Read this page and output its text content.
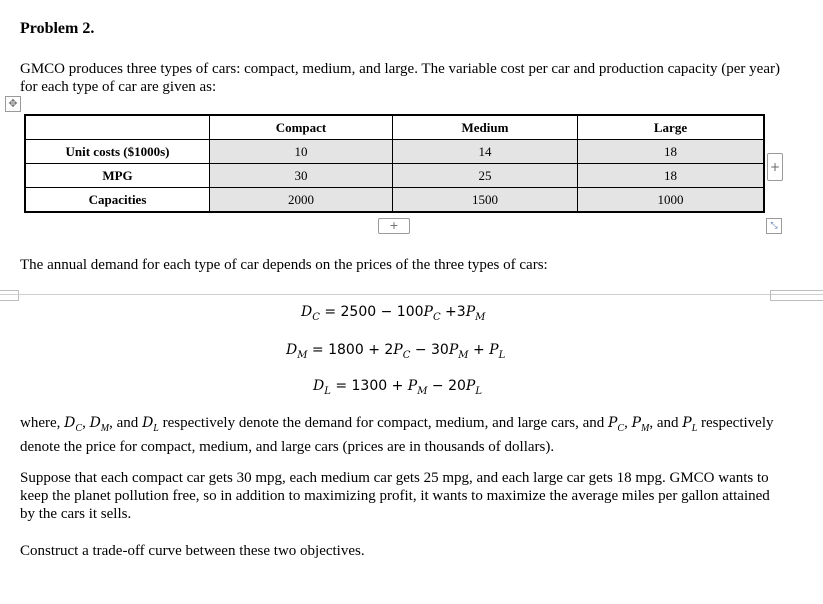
Problem 2.
GMCO produces three types of cars: compact, medium, and large. The variable cost per car and production capacity (per year) for each type of car are given as:
✥
	Compact	Medium	Large
Unit costs ($1000s)	10	14	18
MPG	30	25	18
Capacities	2000	1500	1000
+
+	⤡
The annual demand for each type of car depends on the prices of the three types of cars:
$D_C = 2500 - 100P_C +3P_M$
$D_M = 1800 + 2P_C - 30P_M + P_L$
$D_L = 1300 + P_M - 20P_L$
where, $D_C$, $D_M$, and $D_L$ respectively denote the demand for compact, medium, and large cars, and $P_C$, $P_M$, and $P_L$ respectively denote the price for compact, medium, and large cars (prices are in thousands of dollars).
Suppose that each compact car gets 30 mpg, each medium car gets 25 mpg, and each large car gets 18 mpg. GMCO wants to keep the planet pollution free, so in addition to maximizing profit, it wants to maximize the average miles per gallon attained by the cars it sells.
Construct a trade-off curve between these two objectives.
